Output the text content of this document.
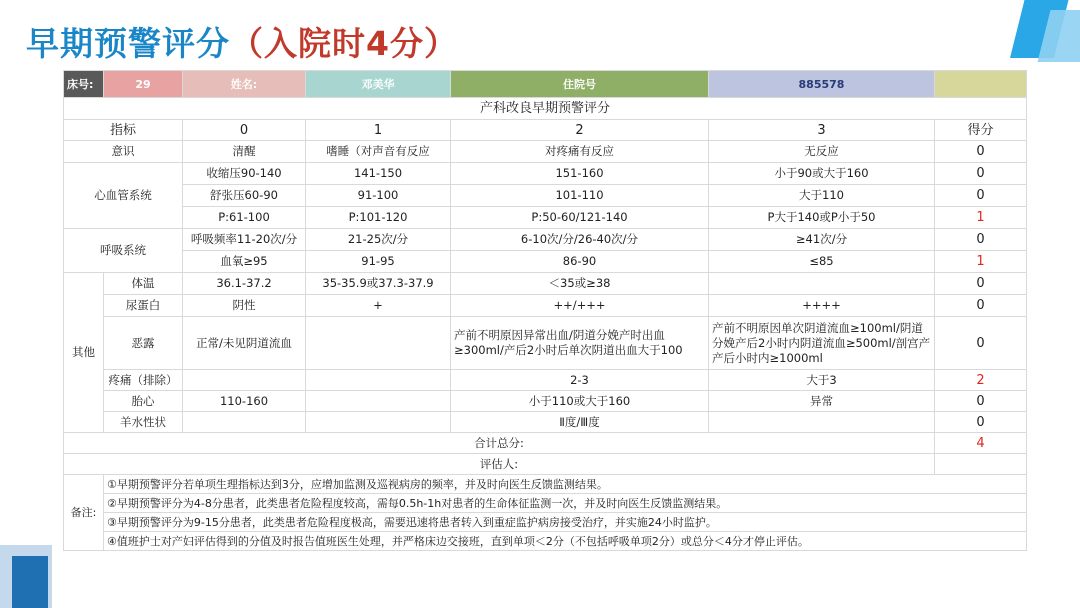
早期预警评分（入院时4分）
床号:	29	姓名:	邓美华	住院号	885578	
产科改良早期预警评分						
指标		0	1	2	3	得分
意识		清醒	嗜睡（对声音有反应	对疼痛有反应	无反应	0
心血管系统		收缩压90-140	141-150	151-160	小于90或大于160	0
		舒张压60-90	91-100	101-110	大于110	0
		P:61-100	P:101-120	P:50-60/121-140	P大于140或P小于50	1
呼吸系统		呼吸频率11-20次/分	21-25次/分	6-10次/分/26-40次/分	≥41次/分	0
		血氧≥95	91-95	86-90	≤85	1
其他	体温	36.1-37.2	35-35.9或37.3-37.9	＜35或≥38		0
	尿蛋白	阴性	+	++/+++	++++	0
	恶露	正常/未见阴道流血		产前不明原因异常出血/阴道分娩产时出血≥300ml/产后2小时后单次阴道出血大于100	产前不明原因单次阴道流血≥100ml/阴道分娩产后2小时内阴道流血≥500ml/剖宫产产后小时内≥1000ml	0
	疼痛（排除）			2-3	大于3	2
	胎心	110-160		小于110或大于160	异常	0
	羊水性状			Ⅱ度/Ⅲ度		0
合计总分:						4
评估人:						
备注:	①早期预警评分若单项生理指标达到3分，应增加监测及巡视病房的频率，并及时向医生反馈监测结果。					
	②早期预警评分为4-8分患者，此类患者危险程度较高，需每0.5h-1h对患者的生命体征监测一次，并及时向医生反馈监测结果。					
	③早期预警评分为9-15分患者，此类患者危险程度极高，需要迅速将患者转入到重症监护病房接受治疗，并实施24小时监护。					
	④值班护士对产妇评估得到的分值及时报告值班医生处理，并严格床边交接班，直到单项＜2分（不包括呼吸单项2分）或总分＜4分才停止评估。					
